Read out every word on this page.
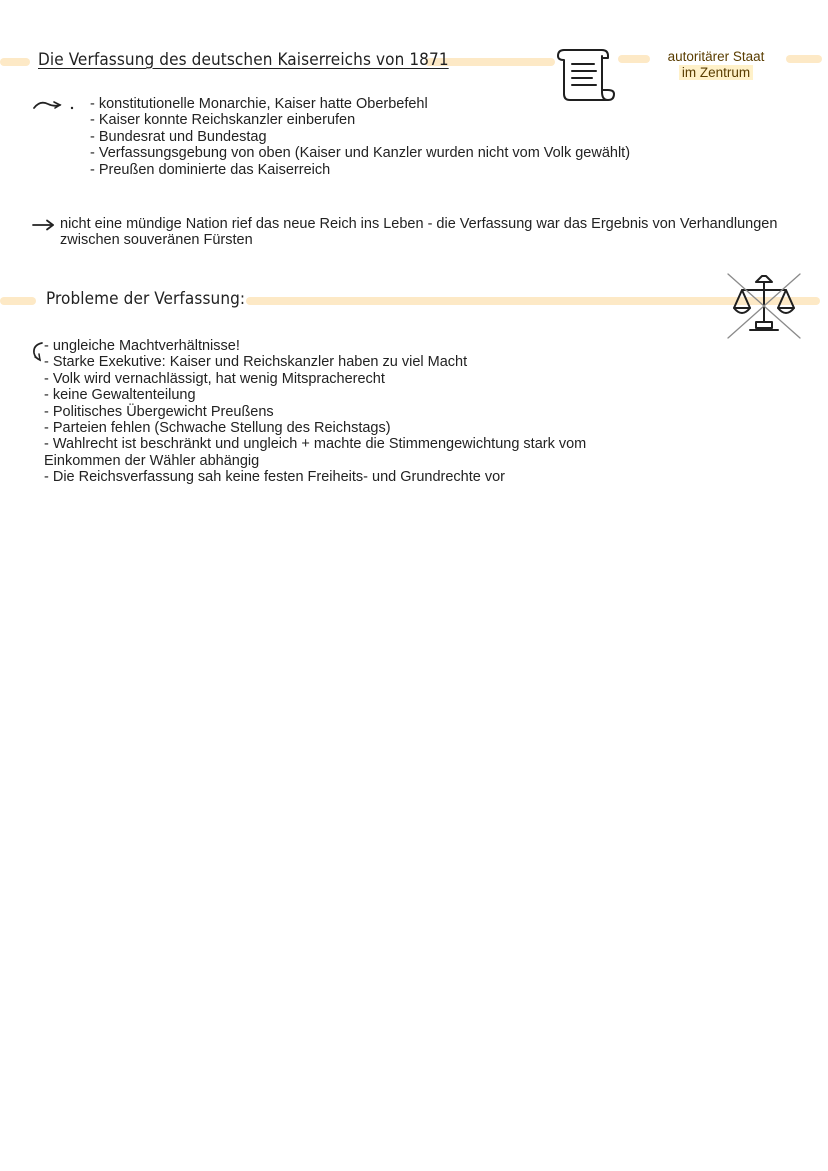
Die Verfassung des deutschen Kaiserreichs von 1871	autoritärer Staat
im Zentrum
- konstitutionelle Monarchie, Kaiser hatte Oberbefehl
- Kaiser konnte Reichskanzler einberufen
- Bundesrat und Bundestag
- Verfassungsgebung von oben (Kaiser und Kanzler wurden nicht vom Volk gewählt)
- Preußen dominierte das Kaiserreich
nicht eine mündige Nation rief das neue Reich ins Leben - die Verfassung war das Ergebnis von Verhandlungen zwischen souveränen Fürsten
Probleme der Verfassung:
- ungleiche Machtverhältnisse!
- Starke Exekutive: Kaiser und Reichskanzler haben zu viel Macht
- Volk wird vernachlässigt, hat wenig Mitspracherecht
- keine Gewaltenteilung
- Politisches Übergewicht Preußens
- Parteien fehlen (Schwache Stellung des Reichstags)
- Wahlrecht ist beschränkt und ungleich + machte die Stimmengewichtung stark vom
Einkommen der Wähler abhängig
- Die Reichsverfassung sah keine festen Freiheits- und Grundrechte vor
